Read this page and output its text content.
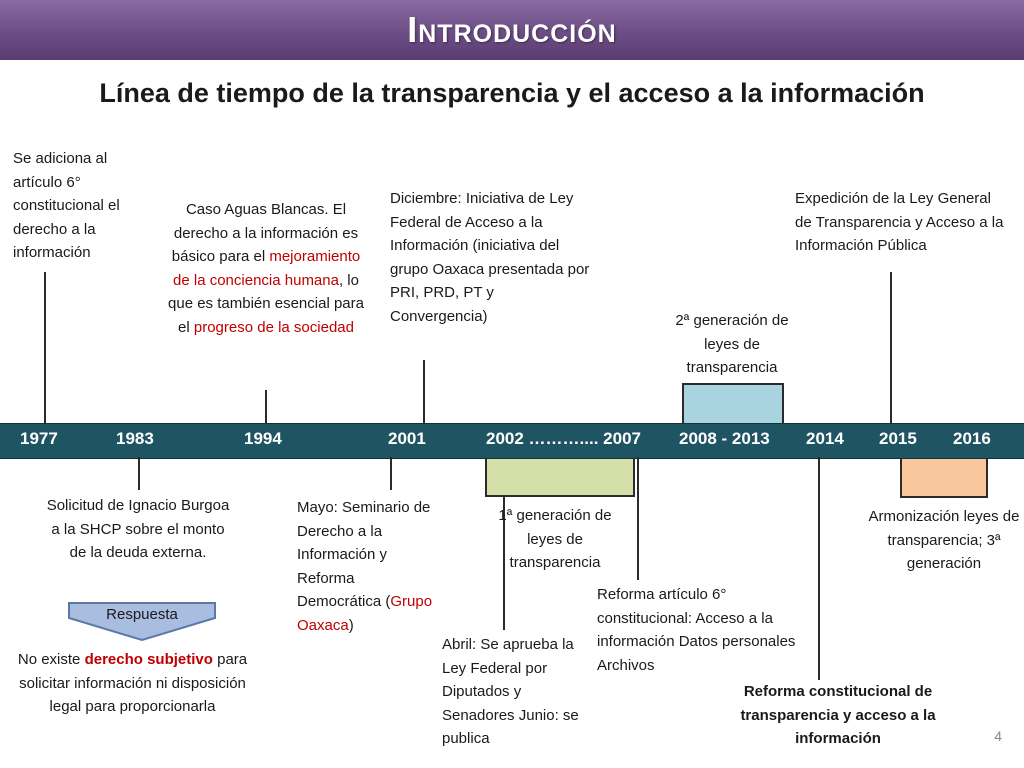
Introducción
Línea de tiempo de la transparencia y el acceso a la información
1977	1983	1994	2001	2002 ……….... 2007 2008 - 2013 2014 2015 2016
Se adiciona al artículo 6° constitucional el derecho a la información
Caso Aguas Blancas. El derecho a la información es básico para el mejoramiento de la conciencia humana, lo que es también esencial para el progreso de la sociedad
Diciembre: Iniciativa de Ley Federal de Acceso a la Información (iniciativa del grupo Oaxaca presentada por PRI, PRD, PT y Convergencia)	2ª generación de leyes de transparencia
Expedición de la Ley General de Transparencia y Acceso a la Información Pública
Solicitud de Ignacio Burgoa a la SHCP sobre el monto de la deuda externa.
Respuesta
No existe derecho subjetivo para solicitar información ni disposición legal para proporcionarla
Mayo: Seminario de Derecho a la Información y Reforma Democrática (Grupo Oaxaca)
1ª generación de leyes de transparencia
Abril: Se aprueba la Ley Federal por Diputados y Senadores Junio: se publica
Reforma artículo 6° constitucional: Acceso a la información Datos personales Archivos
Reforma constitucional de transparencia y acceso a la información
Armonización leyes de transparencia; 3ª generación
4
